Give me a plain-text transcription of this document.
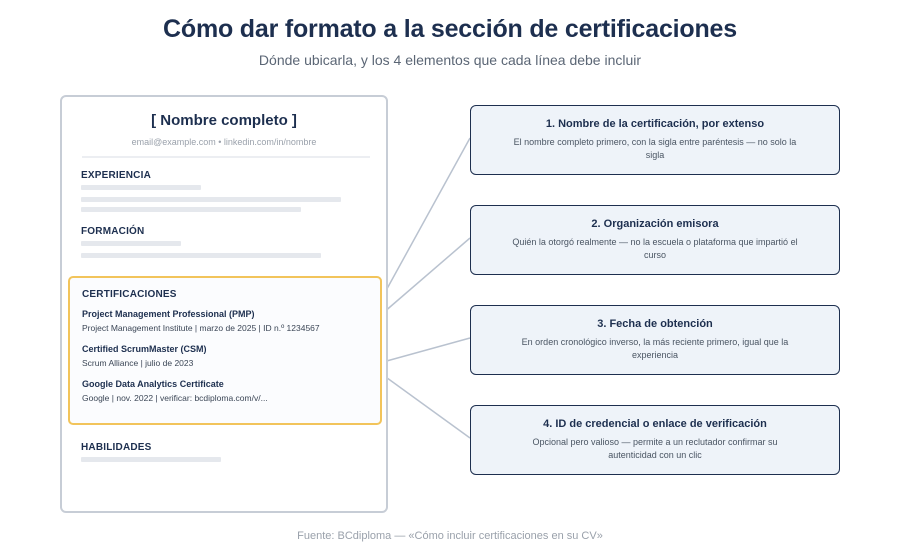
Cómo dar formato a la sección de certificaciones
Dónde ubicarla, y los 4 elementos que cada línea debe incluir
[ Nombre completo ]
email@example.com • linkedin.com/in/nombre
EXPERIENCIA
FORMACIÓN
CERTIFICACIONES
Project Management Professional (PMP)
Project Management Institute | marzo de 2025 | ID n.º 1234567
Certified ScrumMaster (CSM)
Scrum Alliance | julio de 2023
Google Data Analytics Certificate
Google | nov. 2022 | verificar: bcdiploma.com/v/...
HABILIDADES
1. Nombre de la certificación, por extenso
El nombre completo primero, con la sigla entre paréntesis — no solo la sigla
2. Organización emisora
Quién la otorgó realmente — no la escuela o plataforma que impartió el curso
3. Fecha de obtención
En orden cronológico inverso, la más reciente primero, igual que la experiencia
4. ID de credencial o enlace de verificación
Opcional pero valioso — permite a un reclutador confirmar su autenticidad con un clic
Fuente: BCdiploma — «Cómo incluir certificaciones en su CV»
